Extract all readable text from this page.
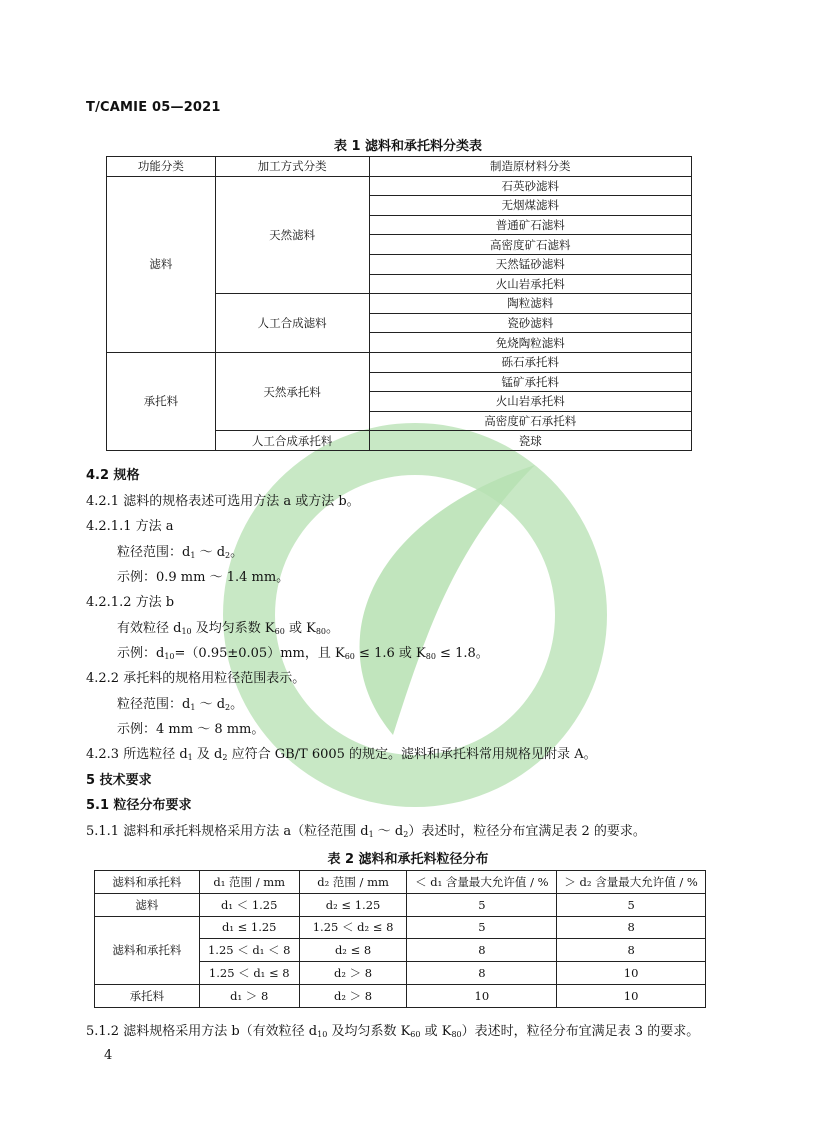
T/CAMIE 05—2021
表 1 滤料和承托料分类表
功能分类	加工方式分类	制造原材料分类
滤料	天然滤料	石英砂滤料
		无烟煤滤料
		普通矿石滤料
		高密度矿石滤料
		天然锰砂滤料
		火山岩承托料
	人工合成滤料	陶粒滤料
		瓷砂滤料
		免烧陶粒滤料
承托料	天然承托料	砾石承托料
		锰矿承托料
		火山岩承托料
		高密度矿石承托料
	人工合成承托料	瓷球
4.2 规格
4.2.1 滤料的规格表述可选用方法 a 或方法 b。
4.2.1.1 方法 a
粒径范围：$d_1$ ～ $d_2$。
示例：0.9 mm ～ 1.4 mm。
4.2.1.2 方法 b
有效粒径 $d_{10}$ 及均匀系数 $K_{60}$ 或 $K_{80}$。
示例：$d_{10}=(0.95\pm 0.05)mm$，且 $K_{60} \le 1.6$ 或 $K_{80} \le 1.8$。
4.2.2 承托料的规格用粒径范围表示。
粒径范围：$d_1$ ～ $d_2$。
示例：4 mm ～ 8 mm。
4.2.3 所选粒径 $d_1$ 及 $d_2$ 应符合 GB/T 6005 的规定。滤料和承托料常用规格见附录 A。
5 技术要求
5.1 粒径分布要求
5.1.1 滤料和承托料规格采用方法 a（粒径范围 $d_1$ ～ $d_2$）表述时，粒径分布宜满足表 2 的要求。
表 2 滤料和承托料粒径分布
滤料和承托料	d₁ 范围 / mm	d₂ 范围 / mm	＜ d₁ 含量最大允许值 / %	＞ d₂ 含量最大允许值 / %
滤料	d₁ ＜ 1.25	d₂ ≤ 1.25	5	5
滤料和承托料	d₁ ≤ 1.25	1.25 ＜ d₂ ≤ 8	5	8
	1.25 ＜ d₁ ＜ 8	d₂ ≤ 8	8	8
	1.25 ＜ d₁ ≤ 8	d₂ ＞ 8	8	10
承托料	d₁ ＞ 8	d₂ ＞ 8	10	10
5.1.2 滤料规格采用方法 b（有效粒径 $d_{10}$ 及均匀系数 $K_{60}$ 或 $K_{80}$）表述时，粒径分布宜满足表 3 的要求。
4
